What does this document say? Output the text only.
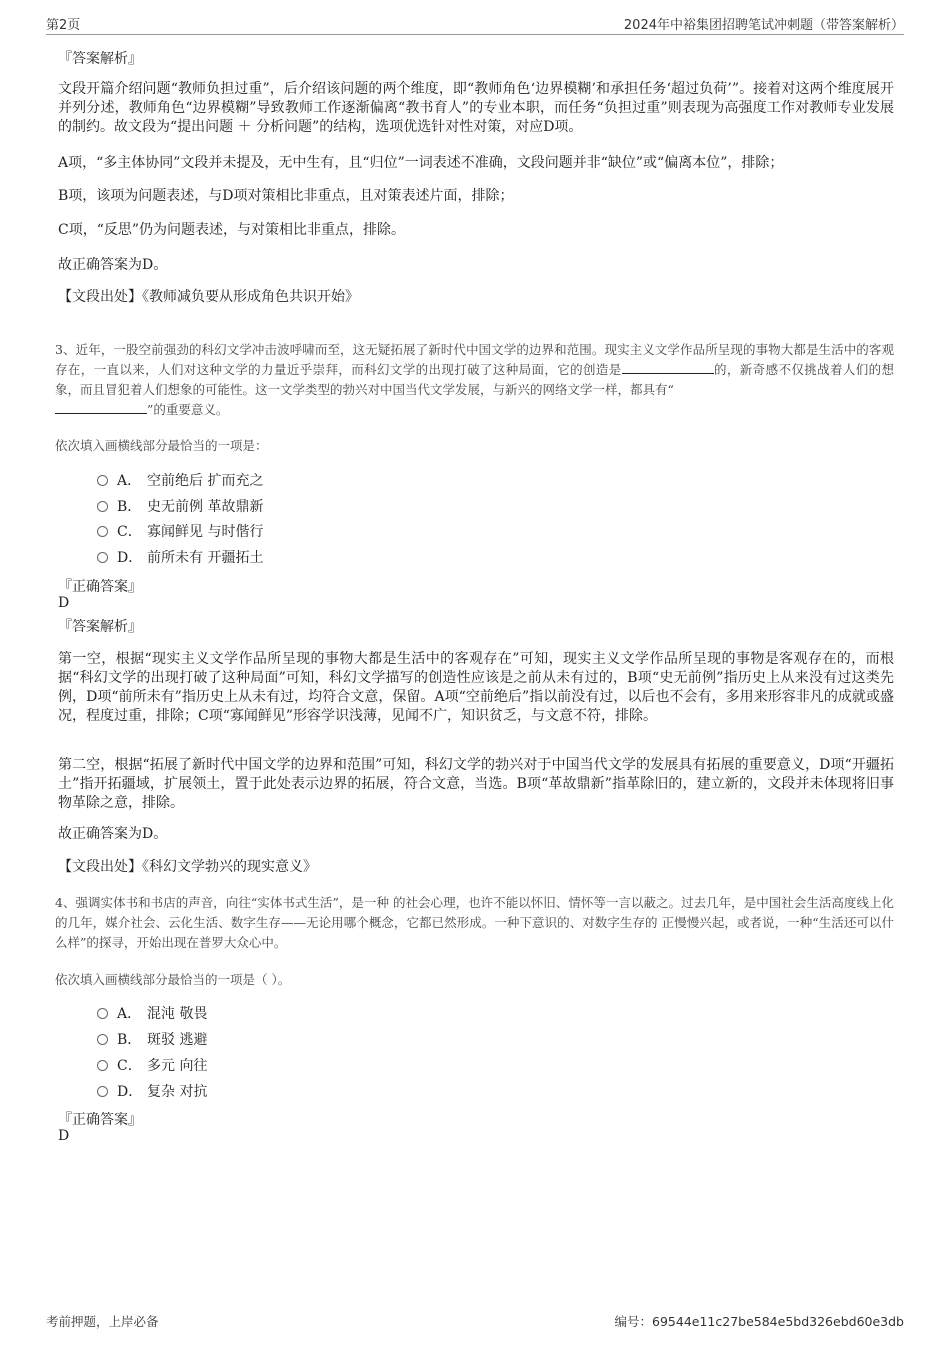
第2页	2024年中裕集团招聘笔试冲刺题（带答案解析）
『答案解析』
文段开篇介绍问题“教师负担过重”，后介绍该问题的两个维度，即“教师角色‘边界模糊’和承担任务‘超过负荷’”。接着对这两个维度展开并列分述，教师角色“边界模糊”导致教师工作逐渐偏离“教书育人”的专业本职，而任务“负担过重”则表现为高强度工作对教师专业发展的制约。故文段为“提出问题 ＋ 分析问题”的结构，选项优选针对性对策，对应D项。
A项，“多主体协同”文段并未提及，无中生有，且“归位”一词表述不准确，文段问题并非“缺位”或“偏离本位”，排除；
B项，该项为问题表述，与D项对策相比非重点，且对策表述片面，排除；
C项，“反思”仍为问题表述，与对策相比非重点，排除。
故正确答案为D。
【文段出处】《教师减负要从形成角色共识开始》
3、近年，一股空前强劲的科幻文学冲击波呼啸而至，这无疑拓展了新时代中国文学的边界和范围。现实主义文学作品所呈现的事物大都是生活中的客观存在，一直以来，人们对这种文学的力量近乎崇拜，而科幻文学的出现打破了这种局面，它的创造是	的，新奇感不仅挑战着人们的想象，而且冒犯着人们想象的可能性。这一文学类型的勃兴对中国当代文学发展，与新兴的网络文学一样，都具有“
”的重要意义。
依次填入画横线部分最恰当的一项是：
A． 空前绝后 扩而充之
B． 史无前例 革故鼎新
C． 寡闻鲜见 与时偕行
D． 前所未有 开疆拓土
『正确答案』
D
『答案解析』
第一空，根据“现实主义文学作品所呈现的事物大都是生活中的客观存在”可知，现实主义文学作品所呈现的事物是客观存在的，而根据“科幻文学的出现打破了这种局面”可知，科幻文学描写的创造性应该是之前从未有过的，B项“史无前例”指历史上从来没有过这类先例，D项“前所未有”指历史上从未有过，均符合文意，保留。A项“空前绝后”指以前没有过，以后也不会有，多用来形容非凡的成就或盛况，程度过重，排除；C项“寡闻鲜见”形容学识浅薄，见闻不广，知识贫乏，与文意不符，排除。
第二空，根据“拓展了新时代中国文学的边界和范围”可知，科幻文学的勃兴对于中国当代文学的发展具有拓展的重要意义，D项“开疆拓土”指开拓疆域，扩展领土，置于此处表示边界的拓展，符合文意，当选。B项“革故鼎新”指革除旧的，建立新的，文段并未体现将旧事物革除之意，排除。
故正确答案为D。
【文段出处】《科幻文学勃兴的现实意义》
4、强调实体书和书店的声音，向往“实体书式生活”，是一种 的社会心理，也许不能以怀旧、情怀等一言以蔽之。过去几年，是中国社会生活高度线上化的几年，媒介社会、云化生活、数字生存——无论用哪个概念，它都已然形成。一种下意识的、对数字生存的 正慢慢兴起，或者说，一种“生活还可以什么样”的探寻，开始出现在普罗大众心中。
依次填入画横线部分最恰当的一项是（ ）。
A． 混沌 敬畏
B． 斑驳 逃避
C． 多元 向往
D． 复杂 对抗
『正确答案』
D
考前押题，上岸必备	编号：69544e11c27be584e5bd326ebd60e3db
